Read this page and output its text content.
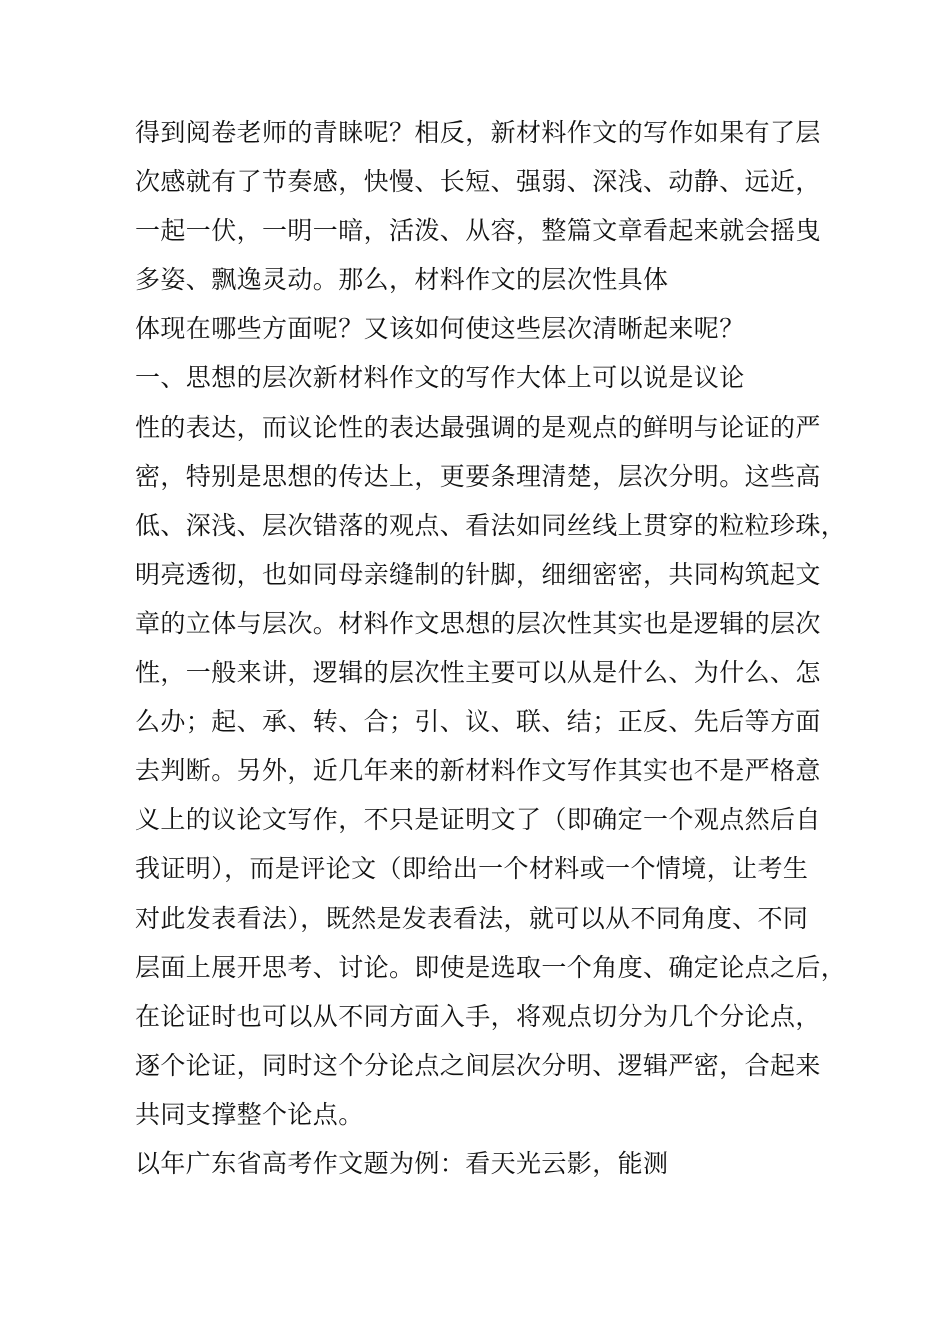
得到阅卷老师的青睐呢？相反，新材料作文的写作如果有了层
次感就有了节奏感，快慢、长短、强弱、深浅、动静、远近，
一起一伏，一明一暗，活泼、从容，整篇文章看起来就会摇曳
多姿、飘逸灵动。那么，材料作文的层次性具体
体现在哪些方面呢？又该如何使这些层次清晰起来呢？
一、思想的层次新材料作文的写作大体上可以说是议论
性的表达，而议论性的表达最强调的是观点的鲜明与论证的严
密，特别是思想的传达上，更要条理清楚，层次分明。这些高
低、深浅、层次错落的观点、看法如同丝线上贯穿的粒粒珍珠，
明亮透彻，也如同母亲缝制的针脚，细细密密，共同构筑起文
章的立体与层次。材料作文思想的层次性其实也是逻辑的层次
性，一般来讲，逻辑的层次性主要可以从是什么、为什么、怎
么办；起、承、转、合；引、议、联、结；正反、先后等方面
去判断。另外，近几年来的新材料作文写作其实也不是严格意
义上的议论文写作，不只是证明文了（即确定一个观点然后自
我证明），而是评论文（即给出一个材料或一个情境，让考生
对此发表看法），既然是发表看法，就可以从不同角度、不同
层面上展开思考、讨论。即使是选取一个角度、确定论点之后，
在论证时也可以从不同方面入手，将观点切分为几个分论点，
逐个论证，同时这个分论点之间层次分明、逻辑严密，合起来
共同支撑整个论点。
以年广东省高考作文题为例：看天光云影，能测
